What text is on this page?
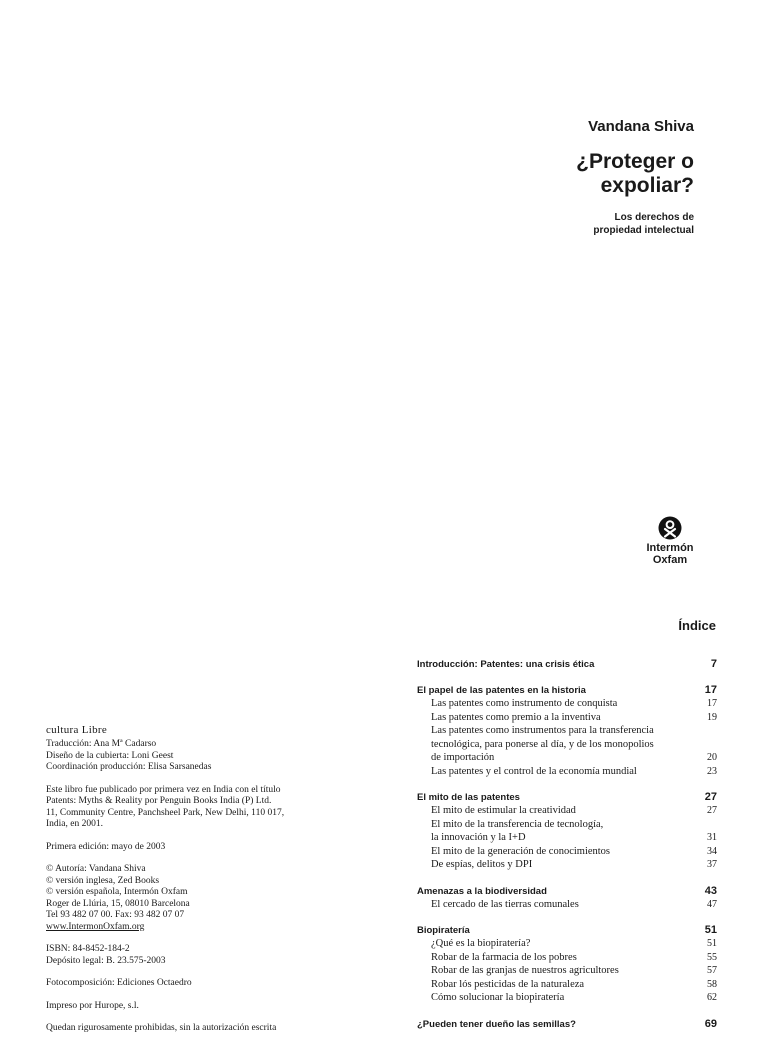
Vandana Shiva
¿Proteger o
expoliar?
Los derechos de
propiedad intelectual
Intermón
Oxfam
Índice
Introducción: Patentes: una crisis ética	7
El papel de las patentes en la historia	17
Las patentes como instrumento de conquista	17
Las patentes como premio a la inventiva	19
Las patentes como instrumentos para la transferencia
tecnológica, para ponerse al día, y de los monopolios
de importación	20
Las patentes y el control de la economía mundial	23
El mito de las patentes	27
El mito de estimular la creatividad	27
El mito de la transferencia de tecnología,
la innovación y la I+D	31
El mito de la generación de conocimientos	34
De espías, delitos y DPI	37
Amenazas a la biodiversidad	43
El cercado de las tierras comunales	47
Biopiratería	51
¿Qué es la biopiratería?	51
Robar de la farmacia de los pobres	55
Robar de las granjas de nuestros agricultores	57
Robar lós pesticidas de la naturaleza	58
Cómo solucionar la biopiratería	62
¿Pueden tener dueño las semillas?	69
cultura Libre

Traducción: Ana Mª Cadarso
Diseño de la cubierta: Loni Geest
Coordinación producción: Elisa Sarsanedas

Este libro fue publicado por primera vez en India con el título
Patents: Myths & Reality por Penguin Books India (P) Ltd.
11, Community Centre, Panchsheel Park, New Delhi, 110 017,
India, en 2001.

Primera edición: mayo de 2003

© Autoría: Vandana Shiva
© versión inglesa, Zed Books
© versión española, Intermón Oxfam
Roger de Llúria, 15, 08010 Barcelona
Tel 93 482 07 00. Fax: 93 482 07 07
www.IntermonOxfam.org

ISBN: 84-8452-184-2
Depósito legal: B. 23.575-2003

Fotocomposición: Ediciones Octaedro

Impreso por Hurope, s.l.

Quedan rigurosamente prohibidas, sin la autorización escrita
